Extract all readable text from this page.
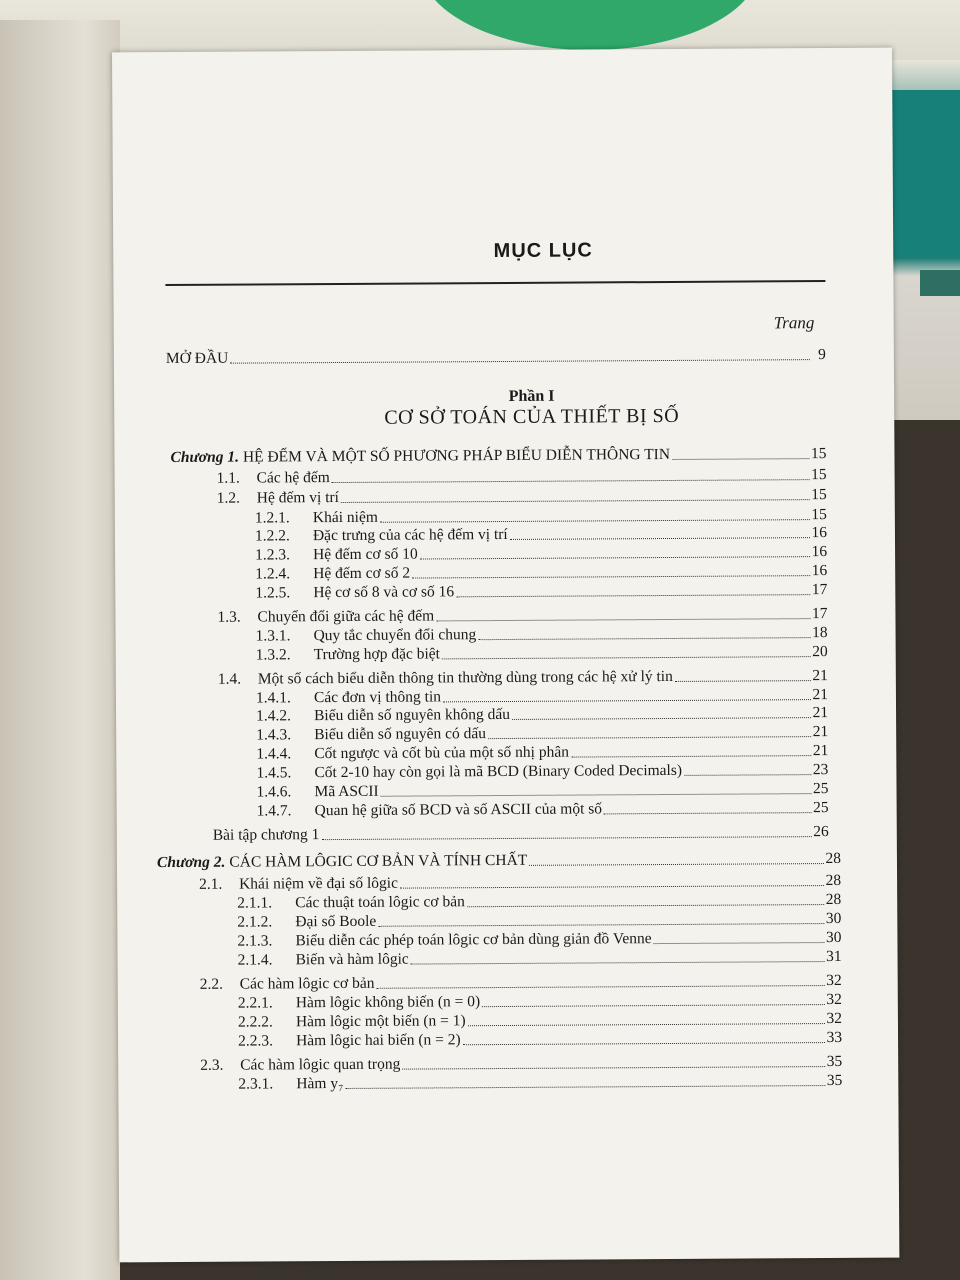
MỤC LỤC
Trang
MỞ ĐẦU	9
Phần I
CƠ SỞ TOÁN CỦA THIẾT BỊ SỐ
Chương 1. HỆ ĐẾM VÀ MỘT SỐ PHƯƠNG PHÁP BIỂU DIỄN THÔNG TIN	15
1.1.	Các hệ đếm	15
1.2.	Hệ đếm vị trí	15
1.2.1.	Khái niệm	15
1.2.2.	Đặc trưng của các hệ đếm vị trí	16
1.2.3.	Hệ đếm cơ số 10	16
1.2.4.	Hệ đếm cơ số 2	16
1.2.5.	Hệ cơ số 8 và cơ số 16	17
1.3.	Chuyển đổi giữa các hệ đếm	17
1.3.1.	Quy tắc chuyển đổi chung	18
1.3.2.	Trường hợp đặc biệt	20
1.4.	Một số cách biểu diễn thông tin thường dùng trong các hệ xử lý tin	21
1.4.1.	Các đơn vị thông tin	21
1.4.2.	Biểu diễn số nguyên không dấu	21
1.4.3.	Biểu diễn số nguyên có dấu	21
1.4.4.	Cốt ngược và cốt bù của một số nhị phân	21
1.4.5.	Cốt 2-10 hay còn gọi là mã BCD (Binary Coded Decimals)	23
1.4.6.	Mã ASCII	25
1.4.7.	Quan hệ giữa số BCD và số ASCII của một số	25
Bài tập chương 1	26
Chương 2. CÁC HÀM LÔGIC CƠ BẢN VÀ TÍNH CHẤT	28
2.1.	Khái niệm về đại số lôgic	28
2.1.1.	Các thuật toán lôgic cơ bản	28
2.1.2.	Đại số Boole	30
2.1.3.	Biểu diễn các phép toán lôgic cơ bản dùng giản đồ Venne	30
2.1.4.	Biến và hàm lôgic	31
2.2.	Các hàm lôgic cơ bản	32
2.2.1.	Hàm lôgic không biến (n = 0)	32
2.2.2.	Hàm lôgic một biến (n = 1)	32
2.2.3.	Hàm lôgic hai biến (n = 2)	33
2.3.	Các hàm lôgic quan trọng	35
2.3.1.	Hàm y₇	35
